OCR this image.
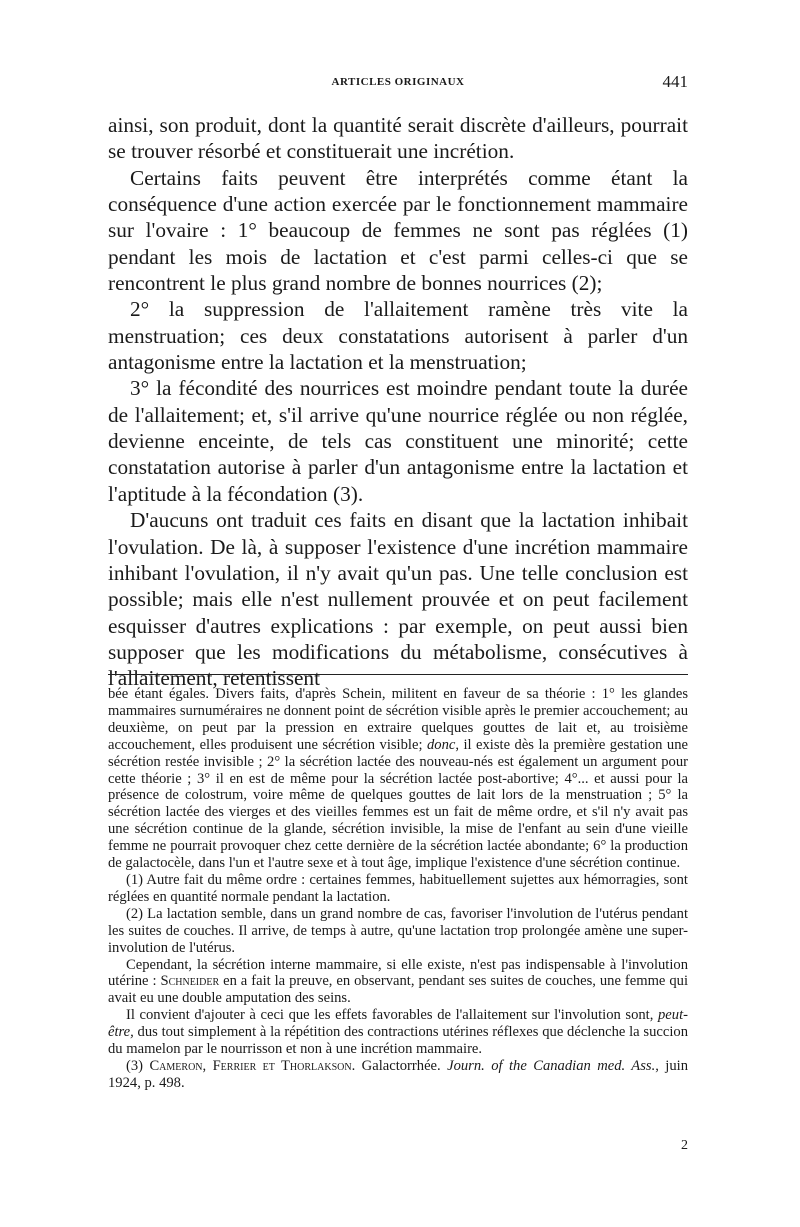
ARTICLES ORIGINAUX	441

ainsi, son produit, dont la quantité serait discrète d'ailleurs, pourrait se trouver résorbé et constituerait une incrétion.

Certains faits peuvent être interprétés comme étant la conséquence d'une action exercée par le fonctionnement mammaire sur l'ovaire : 1° beaucoup de femmes ne sont pas réglées (1) pendant les mois de lactation et c'est parmi celles-ci que se rencontrent le plus grand nombre de bonnes nourrices (2);

2° la suppression de l'allaitement ramène très vite la menstruation; ces deux constatations autorisent à parler d'un antagonisme entre la lactation et la menstruation;

3° la fécondité des nourrices est moindre pendant toute la durée de l'allaitement; et, s'il arrive qu'une nourrice réglée ou non réglée, devienne enceinte, de tels cas constituent une minorité; cette constatation autorise à parler d'un antagonisme entre la lactation et l'aptitude à la fécondation (3).

D'aucuns ont traduit ces faits en disant que la lactation inhibait l'ovulation. De là, à supposer l'existence d'une incrétion mammaire inhibant l'ovulation, il n'y avait qu'un pas. Une telle conclusion est possible; mais elle n'est nullement prouvée et on peut facilement esquisser d'autres explications : par exemple, on peut aussi bien supposer que les modifications du métabolisme, consécutives à l'allaitement, retentissent

bée étant égales. Divers faits, d'après Schein, militent en faveur de sa théorie : 1° les glandes mammaires surnuméraires ne donnent point de sécrétion visible après le premier accouchement; au deuxième, on peut par la pression en extraire quelques gouttes de lait et, au troisième accouchement, elles produisent une sécrétion visible; donc, il existe dès la première gestation une sécrétion restée invisible ; 2° la sécrétion lactée des nouveau-nés est également un argument pour cette théorie ; 3° il en est de même pour la sécrétion lactée post-abortive; 4°... et aussi pour la présence de colostrum, voire même de quelques gouttes de lait lors de la menstruation ; 5° la sécrétion lactée des vierges et des vieilles femmes est un fait de même ordre, et s'il n'y avait pas une sécrétion continue de la glande, sécrétion invisible, la mise de l'enfant au sein d'une vieille femme ne pourrait provoquer chez cette dernière de la sécrétion lactée abondante; 6° la production de galactocèle, dans l'un et l'autre sexe et à tout âge, implique l'existence d'une sécrétion continue.

(1) Autre fait du même ordre : certaines femmes, habituellement sujettes aux hémorragies, sont réglées en quantité normale pendant la lactation.

(2) La lactation semble, dans un grand nombre de cas, favoriser l'involution de l'utérus pendant les suites de couches. Il arrive, de temps à autre, qu'une lactation trop prolongée amène une super-involution de l'utérus.

Cependant, la sécrétion interne mammaire, si elle existe, n'est pas indispensable à l'involution utérine : Schneider en a fait la preuve, en observant, pendant ses suites de couches, une femme qui avait eu une double amputation des seins.

Il convient d'ajouter à ceci que les effets favorables de l'allaitement sur l'involution sont, peut-être, dus tout simplement à la répétition des contractions utérines réflexes que déclenche la succion du mamelon par le nourrisson et non à une incrétion mammaire.

(3) Cameron, Ferrier et Thorlakson. Galactorrhée. Journ. of the Canadian med. Ass., juin 1924, p. 498.

2
